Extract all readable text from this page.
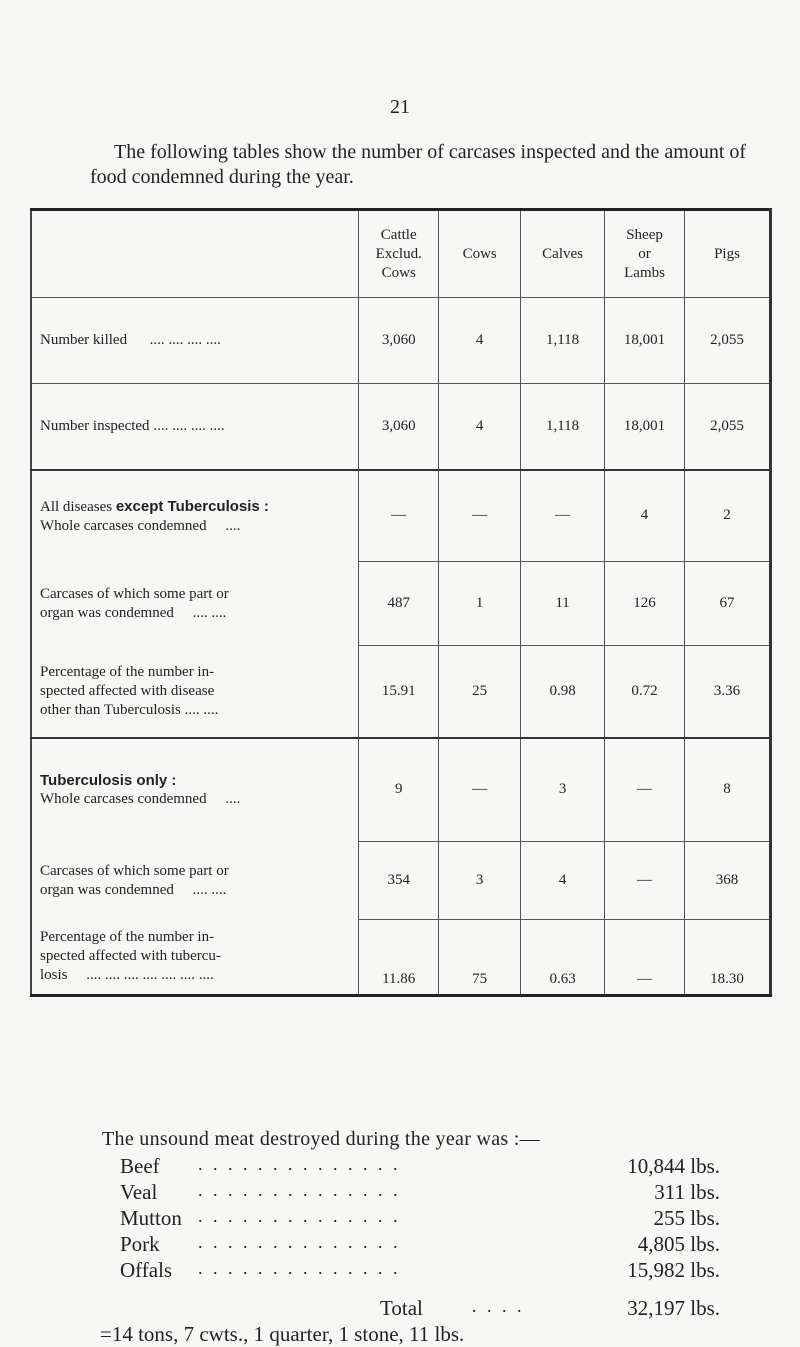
21

The following tables show the number of carcases inspected and the amount of food condemned during the year.

	Cattle
Exclud.
Cows	Cows	Calves	Sheep
or
Lambs	Pigs
Number killed .... .... .... ....	3,060	4	1,118	18,001	2,055
Number inspected .... .... .... ....	3,060	4	1,118	18,001	2,055

All diseases except Tuberculosis :
Whole carcases condemned ....	—	—	—	4	2

Carcases of which some part or
organ was condemned .... ....	487	1	11	126	67

Percentage of the number in-
spected affected with disease
other than Tuberculosis .... ....	15.91	25	0.98	0.72	3.36

Tuberculosis only :
Whole carcases condemned ....	9	—	3	—	8

Carcases of which some part or
organ was condemned .... ....	354	3	4	—	368

Percentage of the number in-
spected affected with tubercu-
losis .... .... .... .... .... .... ....	11.86	75	0.63	—	18.30
The unsound meat destroyed during the year was :—
Beef . . . . . . . . . . . . . .	10,844 lbs.
Veal . . . . . . . . . . . . . .	311 lbs.
Mutton . . . . . . . . . . . . . .	255 lbs.
Pork . . . . . . . . . . . . . .	4,805 lbs.
Offals . . . . . . . . . . . . . .	15,982 lbs.
Total	. . . .	32,197 lbs.
=14 tons, 7 cwts., 1 quarter, 1 stone, 11 lbs.
